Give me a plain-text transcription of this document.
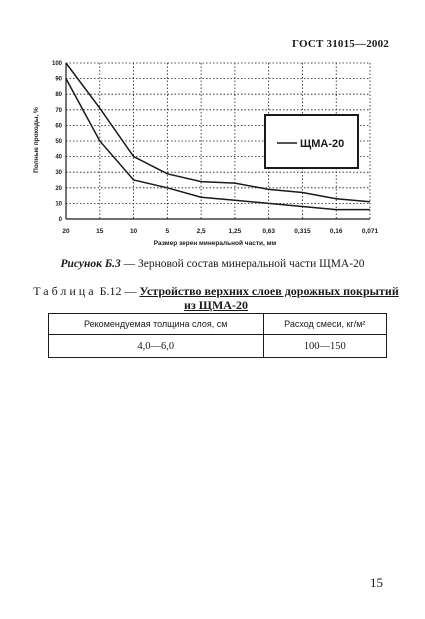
ГОСТ 31015—2002
0
10
20
30
40
50
60
70
80
90
100
20	15	10	5	2,5	1,25	0,63	0,315	0,16	0,071
Полные проходы, %
Размер зерен минеральной части, мм
ЩМА-20
Рисунок Б.3 — Зерновой состав минеральной части ЩМА-20
Таблица Б.12 — Устройство верхних слоев дорожных покрытий
из ЩМА-20
Рекомендуемая толщина слоя, см	Расход смеси, кг/м²
4,0—6,0	100—150
15
